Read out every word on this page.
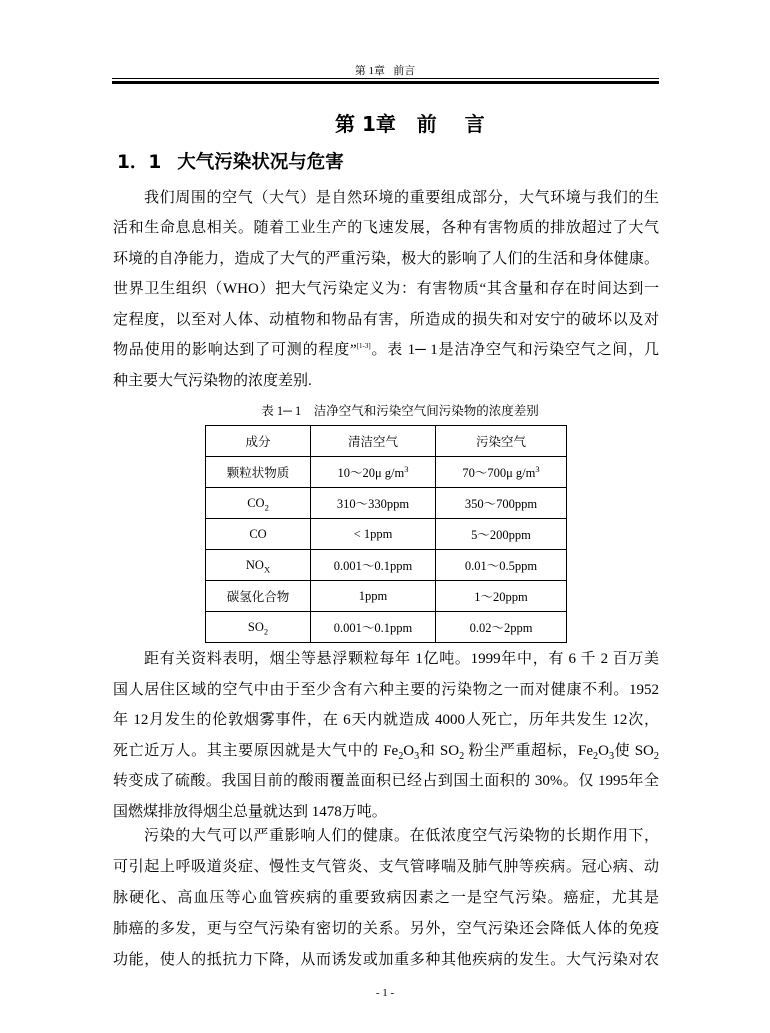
第 1章   前言
第 1章   前    言
1．1 大气污染状况与危害
我们周围的空气（大气）是自然环境的重要组成部分，大气环境与我们的生
活和生命息息相关。随着工业生产的飞速发展，各种有害物质的排放超过了大气
环境的自净能力，造成了大气的严重污染，极大的影响了人们的生活和身体健康。
世界卫生组织（WHO）把大气污染定义为：有害物质“其含量和存在时间达到一
定程度，以至对人体、动植物和物品有害，所造成的损失和对安宁的破坏以及对
物品使用的影响达到了可测的程度”[1-3]。表 1─ 1是洁净空气和污染空气之间，几
种主要大气污染物的浓度差别.
表 1─ 1    洁净空气和污染空气间污染物的浓度差别
成分	清洁空气	污染空气
颗粒状物质	10～20μ $g/m^3$	70～700μ $g/m^3$
$CO_2$	310～330ppm	350～700ppm
CO	< 1ppm	5～200ppm
$NO_X$	0.001～0.1ppm	0.01～0.5ppm
碳氢化合物	1ppm	1～20ppm
$SO_2$	0.001～0.1ppm	0.02～2ppm
距有关资料表明，烟尘等悬浮颗粒每年 1亿吨。1999年中，有 6 千 2 百万美
国人居住区域的空气中由于至少含有六种主要的污染物之一而对健康不利。1952
年 12月发生的伦敦烟雾事件，在 6天内就造成 4000人死亡，历年共发生 12次，
死亡近万人。其主要原因就是大气中的 $Fe_2O_3$和 $SO_2$ 粉尘严重超标，$Fe_2O_3$使 $SO_2$
转变成了硫酸。我国目前的酸雨覆盖面积已经占到国土面积的 30%。仅 1995年全
国燃煤排放得烟尘总量就达到 1478万吨。
污染的大气可以严重影响人们的健康。在低浓度空气污染物的长期作用下，
可引起上呼吸道炎症、慢性支气管炎、支气管哮喘及肺气肿等疾病。冠心病、动
脉硬化、高血压等心血管疾病的重要致病因素之一是空气污染。癌症，尤其是
肺癌的多发，更与空气污染有密切的关系。另外，空气污染还会降低人体的免疫
功能，使人的抵抗力下降，从而诱发或加重多种其他疾病的发生。大气污染对农
- 1 -
